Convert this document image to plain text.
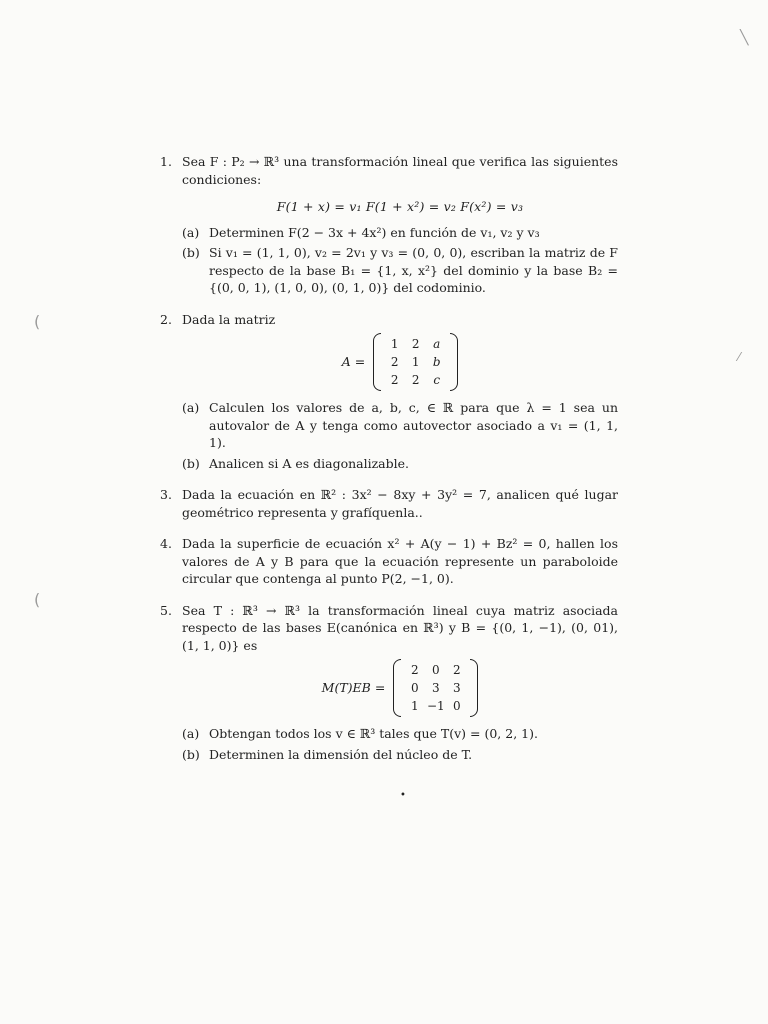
╲
(
(
⁄
1. Sea F : P₂ → ℝ³ una transformación lineal que verifica las siguientes condiciones:
F(1 + x) = v₁ F(1 + x²) = v₂ F(x²) = v₃
(a) Determinen F(2 − 3x + 4x²) en función de v₁, v₂ y v₃
(b) Si v₁ = (1, 1, 0), v₂ = 2v₁ y v₃ = (0, 0, 0), escriban la matriz de F respecto de la base B₁ = {1, x, x²} del dominio y la base B₂ = {(0, 0, 1), (1, 0, 0), (0, 1, 0)} del codominio.
2. Dada la matriz
A =
1	2	a
2	1	b
2	2	c
(a) Calculen los valores de a, b, c, ∈ ℝ para que λ = 1 sea un autovalor de A y tenga como autovector asociado a v₁ = (1, 1, 1).
(b) Analicen si A es diagonalizable.
3. Dada la ecuación en ℝ² : 3x² − 8xy + 3y² = 7, analicen qué lugar geométrico representa y grafíquenla..
4. Dada la superficie de ecuación x² + A(y − 1) + Bz² = 0, hallen los valores de A y B para que la ecuación represente un paraboloide circular que contenga al punto P(2, −1, 0).
5. Sea T : ℝ³ → ℝ³ la transformación lineal cuya matriz asociada respecto de las bases E(canónica en ℝ³) y B = {(0, 1, −1), (0, 01), (1, 1, 0)} es
M(T)EB =
2	0	2
0	3	3
1	−1	0
(a) Obtengan todos los v ∈ ℝ³ tales que T(v) = (0, 2, 1).
(b) Determinen la dimensión del núcleo de T.
•
